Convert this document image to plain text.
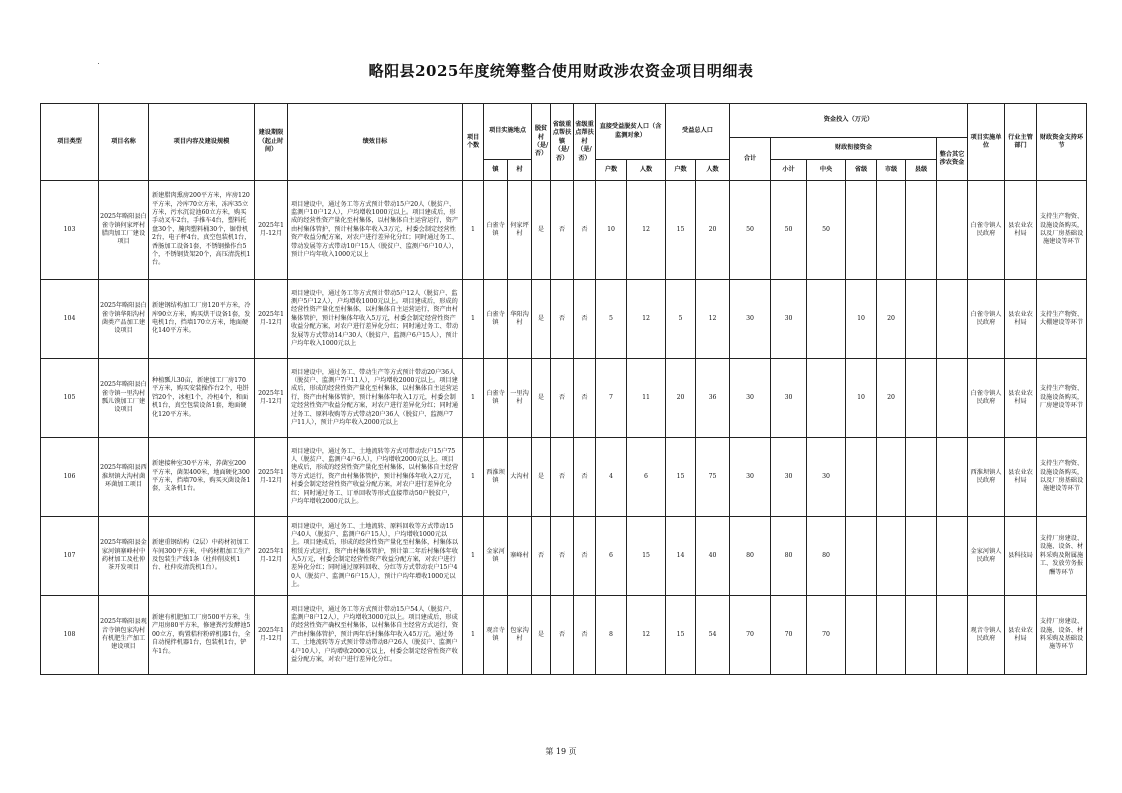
略阳县2025年度统筹整合使用财政涉农资金项目明细表
项目类型	项目名称	项目内容及建设规模	建设期限（起止时间）	绩效目标	项目个数	项目实施地点		脱贫村（是/否）	省级重点帮扶镇（是/否）	省级重点帮扶村（是/否）	直接受益脱贫人口（含监测对象）		受益总人口		资金投入（万元）							项目实施单位	行业主管部门	财政资金支持环节
															合计	财政衔接资金					整合其它涉农资金			
						镇	村				户数	人数	户数	人数		小计	中央	省级	市级	县级				
103	2025年略阳县白雀寺镇何家坪村腊肉加工厂建设项目	新建腊肉熏房200平方米，库房120平方米，冷库70立方米，冻库35立方米，污水沉淀池60立方米，购买手动叉车2台，手推车4台，塑料托盘30个，腌肉塑料桶30个，锯骨机2台，电子秤4台，真空包装机1台，香肠加工设备1套，不锈钢操作台5个，不锈钢货架20个，高压清洗机1台。	2025年1月-12月	项目建设中，通过务工等方式预计带动15户20人（脱贫户、监测户10户12人），户均增收1000元以上。项目建成后，形成的经营性资产量化至村集体，以村集体自主运营运行，资产由村集体管护，预计村集体年收入3万元，村委会制定经营性资产收益分配方案，对农户进行差异化分红；同时通过务工、带动发展等方式带动10户15人（脱贫户、监测户6户10人），预计户均年收入1000元以上	1	白雀寺镇	何家坪村	是	否	否	10	12	15	20	50	50	50					白雀寺镇人民政府	县农业农村局	支持生产物资、设施设备购买，以及厂房基础设施建设等环节
104	2025年略阳县白雀寺镇华阳沟村菌类产品加工建设项目	新建钢结构加工厂房120平方米，冷库90立方米，购买烘干设备1套，发电机1台，挡墙170立方米，地面硬化140平方米。	2025年1月-12月	项目建设中，通过务工等方式预计带动5户12人（脱贫户、监测户5户12人），户均增收1000元以上。项目建成后，形成的经营性资产量化至村集体，以村集体自主运营运行，资产由村集体管护，预计村集体年收入5万元，村委会制定经营性资产收益分配方案，对农户进行差异化分红；同时通过务工、带动发展等方式带动14户30人（脱贫户、监测户6户15人），预计户均年收入1000元以上	1	白雀寺镇	华阳沟村	是	否	否	5	12	5	12	30	30		10	20			白雀寺镇人民政府	县农业农村局	支持生产物资、大棚建设等环节
105	2025年略阳县白雀寺镇一里沟村瓢儿馍加工厂建设项目	种植瓢儿30亩，新建加工厂房170平方米，购买安装操作台2个，电饼铛20个，冰柜1个，冷柜4个，和面机1台，真空包装设备1套，地面硬化120平方米。	2025年1月-12月	项目建设中，通过务工、带动生产等方式预计带动20户36人（脱贫户、监测户7户11人），户均增收2000元以上。项目建成后，形成的经营性资产量化至村集体，以村集体自主运营运行，资产由村集体管护，预计村集体年收入1万元，村委会制定经营性资产收益分配方案，对农户进行差异化分红；同时通过务工、原料收购等方式带动20户36人（脱贫户、监测户7户11人），预计户均年收入2000元以上	1	白雀寺镇	一里沟村	是	否	否	7	11	20	36	30	30		10	20			白雀寺镇人民政府	县农业农村局	支持生产物资、设施设备购买，厂房建设等环节
106	2025年略阳县西淮坝镇大沟村菌环菌加工项目	新建接种室30平方米，养菌室200平方米，菌架400米，地面硬化300平方米，挡墙70米，购买灭菌设备1套，支条机1台。	2025年1月-12月	项目建设中，通过务工、土地流转等方式可带动农户15户75人（脱贫户、监测户4户6人），户均增收2000元以上。项目建成后，形成的经营性资产量化至村集体，以村集体自主经营等方式运行，资产由村集体管护，预计村集体年收入2万元，村委会制定经营性资产收益分配方案，对农户进行差异化分红；同时通过务工、订单回收等形式直接带动50户脱贫户，户均年增收2000元以上。	1	西淮坝镇	大沟村	是	否	否	4	6	15	75	30	30	30					西淮坝镇人民政府	县农业农村局	支持生产物资、设施设备购买，以及厂房基础设施建设等环节
107	2025年略阳县金家河镇寨峰村中药材加工及杜仲茶开发项目	新建重钢结构（2层）中药材初加工车间300平方米，中药材粗加工生产及包装生产线1条（杜仲削皮机1台、杜仲皮清洗机1台）。	2025年1月-12月	项目建设中，通过务工、土地流转、原料回收等方式带动15户40人（脱贫户、监测户6户15人），户均增收1000元以上。项目建成后，形成的经营性资产量化至村集体，村集体以租赁方式运行，资产由村集体管护，预计第二年后村集体年收入5万元，村委会制定经营性资产收益分配方案，对农户进行差异化分红；同时通过原料回收、分红等方式带动农户15户40人（脱贫户、监测户6户15人），预计户均年增收1000元以上。	1	金家河镇	寨峰村	否	否	否	6	15	14	40	80	80	80					金家河镇人民政府	县科技局	支持厂房建设、设施、设备、材料采购及附属施工、发放劳务报酬等环节
108	2025年略阳县观音寺镇包家沟村有机肥生产加工建设项目	新建有机肥加工厂房500平方米，生产用房80平方米，修建粪污发酵池500立方，购置秸秆粉碎机器1台，全自动搅拌机器1台，包装机1台，铲车1台。	2025年1月-12月	项目建设中，通过务工等方式预计带动15户54人（脱贫户、监测户8户12人），户均增收3000元以上。项目建成后，形成的经营性资产确权至村集体，以村集体自主经营方式运行，资产由村集体管护，预计两年后村集体年收入45万元。通过务工、土地流转等方式预计带动带动8户26人（脱贫户、监测户4户10人），户均增收2000元以上，村委会制定经营性资产收益分配方案，对农户进行差异化分红。	1	观音寺镇	包家沟村	是	否	否	8	12	15	54	70	70	70					观音寺镇人民政府	县农业农村局	支持厂房建设、设施、设备、材料采购及基础设施等环节
第 19 页
